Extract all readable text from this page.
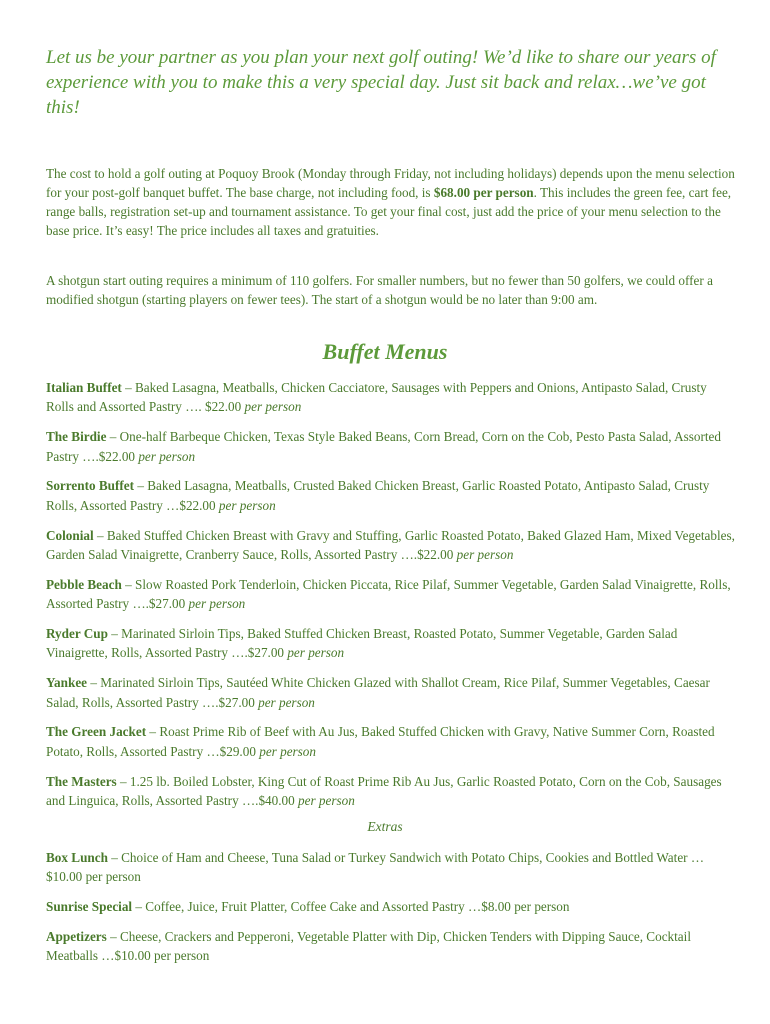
Let us be your partner as you plan your next golf outing! We’d like to share our years of experience with you to make this a very special day. Just sit back and relax…we’ve got this!

The cost to hold a golf outing at Poquoy Brook (Monday through Friday, not including holidays) depends upon the menu selection for your post-golf banquet buffet. The base charge, not including food, is $68.00 per person. This includes the green fee, cart fee, range balls, registration set-up and tournament assistance. To get your final cost, just add the price of your menu selection to the base price. It’s easy! The price includes all taxes and gratuities.

A shotgun start outing requires a minimum of 110 golfers. For smaller numbers, but no fewer than 50 golfers, we could offer a modified shotgun (starting players on fewer tees). The start of a shotgun would be no later than 9:00 am.

Buffet Menus

Italian Buffet – Baked Lasagna, Meatballs, Chicken Cacciatore, Sausages with Peppers and Onions, Antipasto Salad, Crusty Rolls and Assorted Pastry …. $22.00 per person

The Birdie – One-half Barbeque Chicken, Texas Style Baked Beans, Corn Bread, Corn on the Cob, Pesto Pasta Salad, Assorted Pastry ….$22.00 per person

Sorrento Buffet – Baked Lasagna, Meatballs, Crusted Baked Chicken Breast, Garlic Roasted Potato, Antipasto Salad, Crusty Rolls, Assorted Pastry …$22.00 per person

Colonial – Baked Stuffed Chicken Breast with Gravy and Stuffing, Garlic Roasted Potato, Baked Glazed Ham, Mixed Vegetables, Garden Salad Vinaigrette, Cranberry Sauce, Rolls, Assorted Pastry ….$22.00 per person

Pebble Beach – Slow Roasted Pork Tenderloin, Chicken Piccata, Rice Pilaf, Summer Vegetable, Garden Salad Vinaigrette, Rolls, Assorted Pastry ….$27.00 per person

Ryder Cup – Marinated Sirloin Tips, Baked Stuffed Chicken Breast, Roasted Potato, Summer Vegetable, Garden Salad Vinaigrette, Rolls, Assorted Pastry ….$27.00 per person

Yankee – Marinated Sirloin Tips, Sautéed White Chicken Glazed with Shallot Cream, Rice Pilaf, Summer Vegetables, Caesar Salad, Rolls, Assorted Pastry ….$27.00 per person

The Green Jacket – Roast Prime Rib of Beef with Au Jus, Baked Stuffed Chicken with Gravy, Native Summer Corn, Roasted Potato, Rolls, Assorted Pastry …$29.00 per person

The Masters – 1.25 lb. Boiled Lobster, King Cut of Roast Prime Rib Au Jus, Garlic Roasted Potato, Corn on the Cob, Sausages and Linguica, Rolls, Assorted Pastry ….$40.00 per person

Extras

Box Lunch – Choice of Ham and Cheese, Tuna Salad or Turkey Sandwich with Potato Chips, Cookies and Bottled Water …$10.00 per person

Sunrise Special – Coffee, Juice, Fruit Platter, Coffee Cake and Assorted Pastry …$8.00 per person

Appetizers – Cheese, Crackers and Pepperoni, Vegetable Platter with Dip, Chicken Tenders with Dipping Sauce, Cocktail Meatballs …$10.00 per person
